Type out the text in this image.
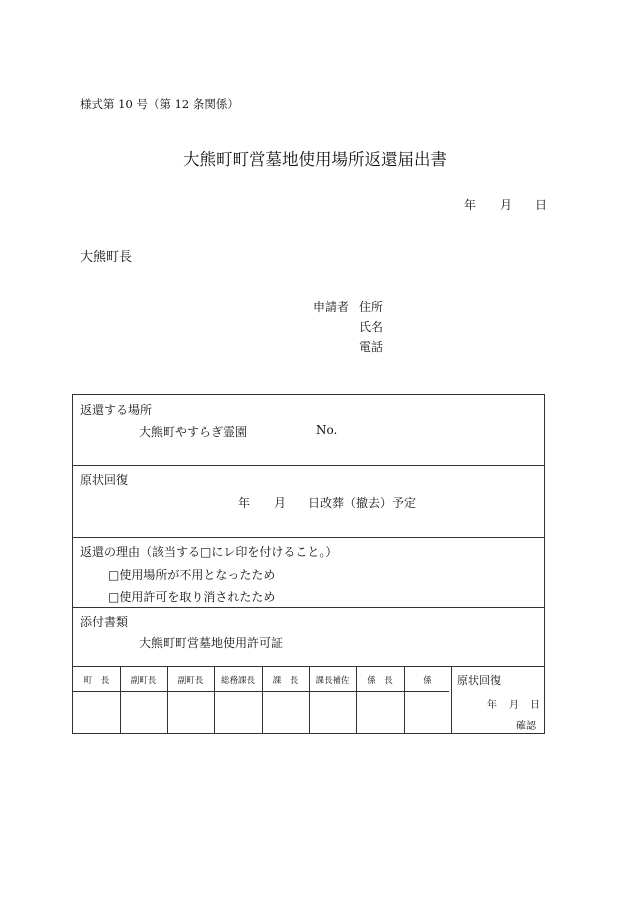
様式第 10 号（第 12 条関係）
大熊町町営墓地使用場所返還届出書
年 月 日
大熊町長
申請者 住所
氏名
電話
返還する場所
大熊町やすらぎ霊園	No.
原状回復
年 月 日改葬（撤去）予定
返還の理由（該当する□にレ印を付けること。）
□使用場所が不用となったため
□使用許可を取り消されたため
添付書類
大熊町町営墓地使用許可証
町　長	副町長	副町長	総務課長	課　長	課長補佐	係　長	係	原状回復
年 月 日
確認
